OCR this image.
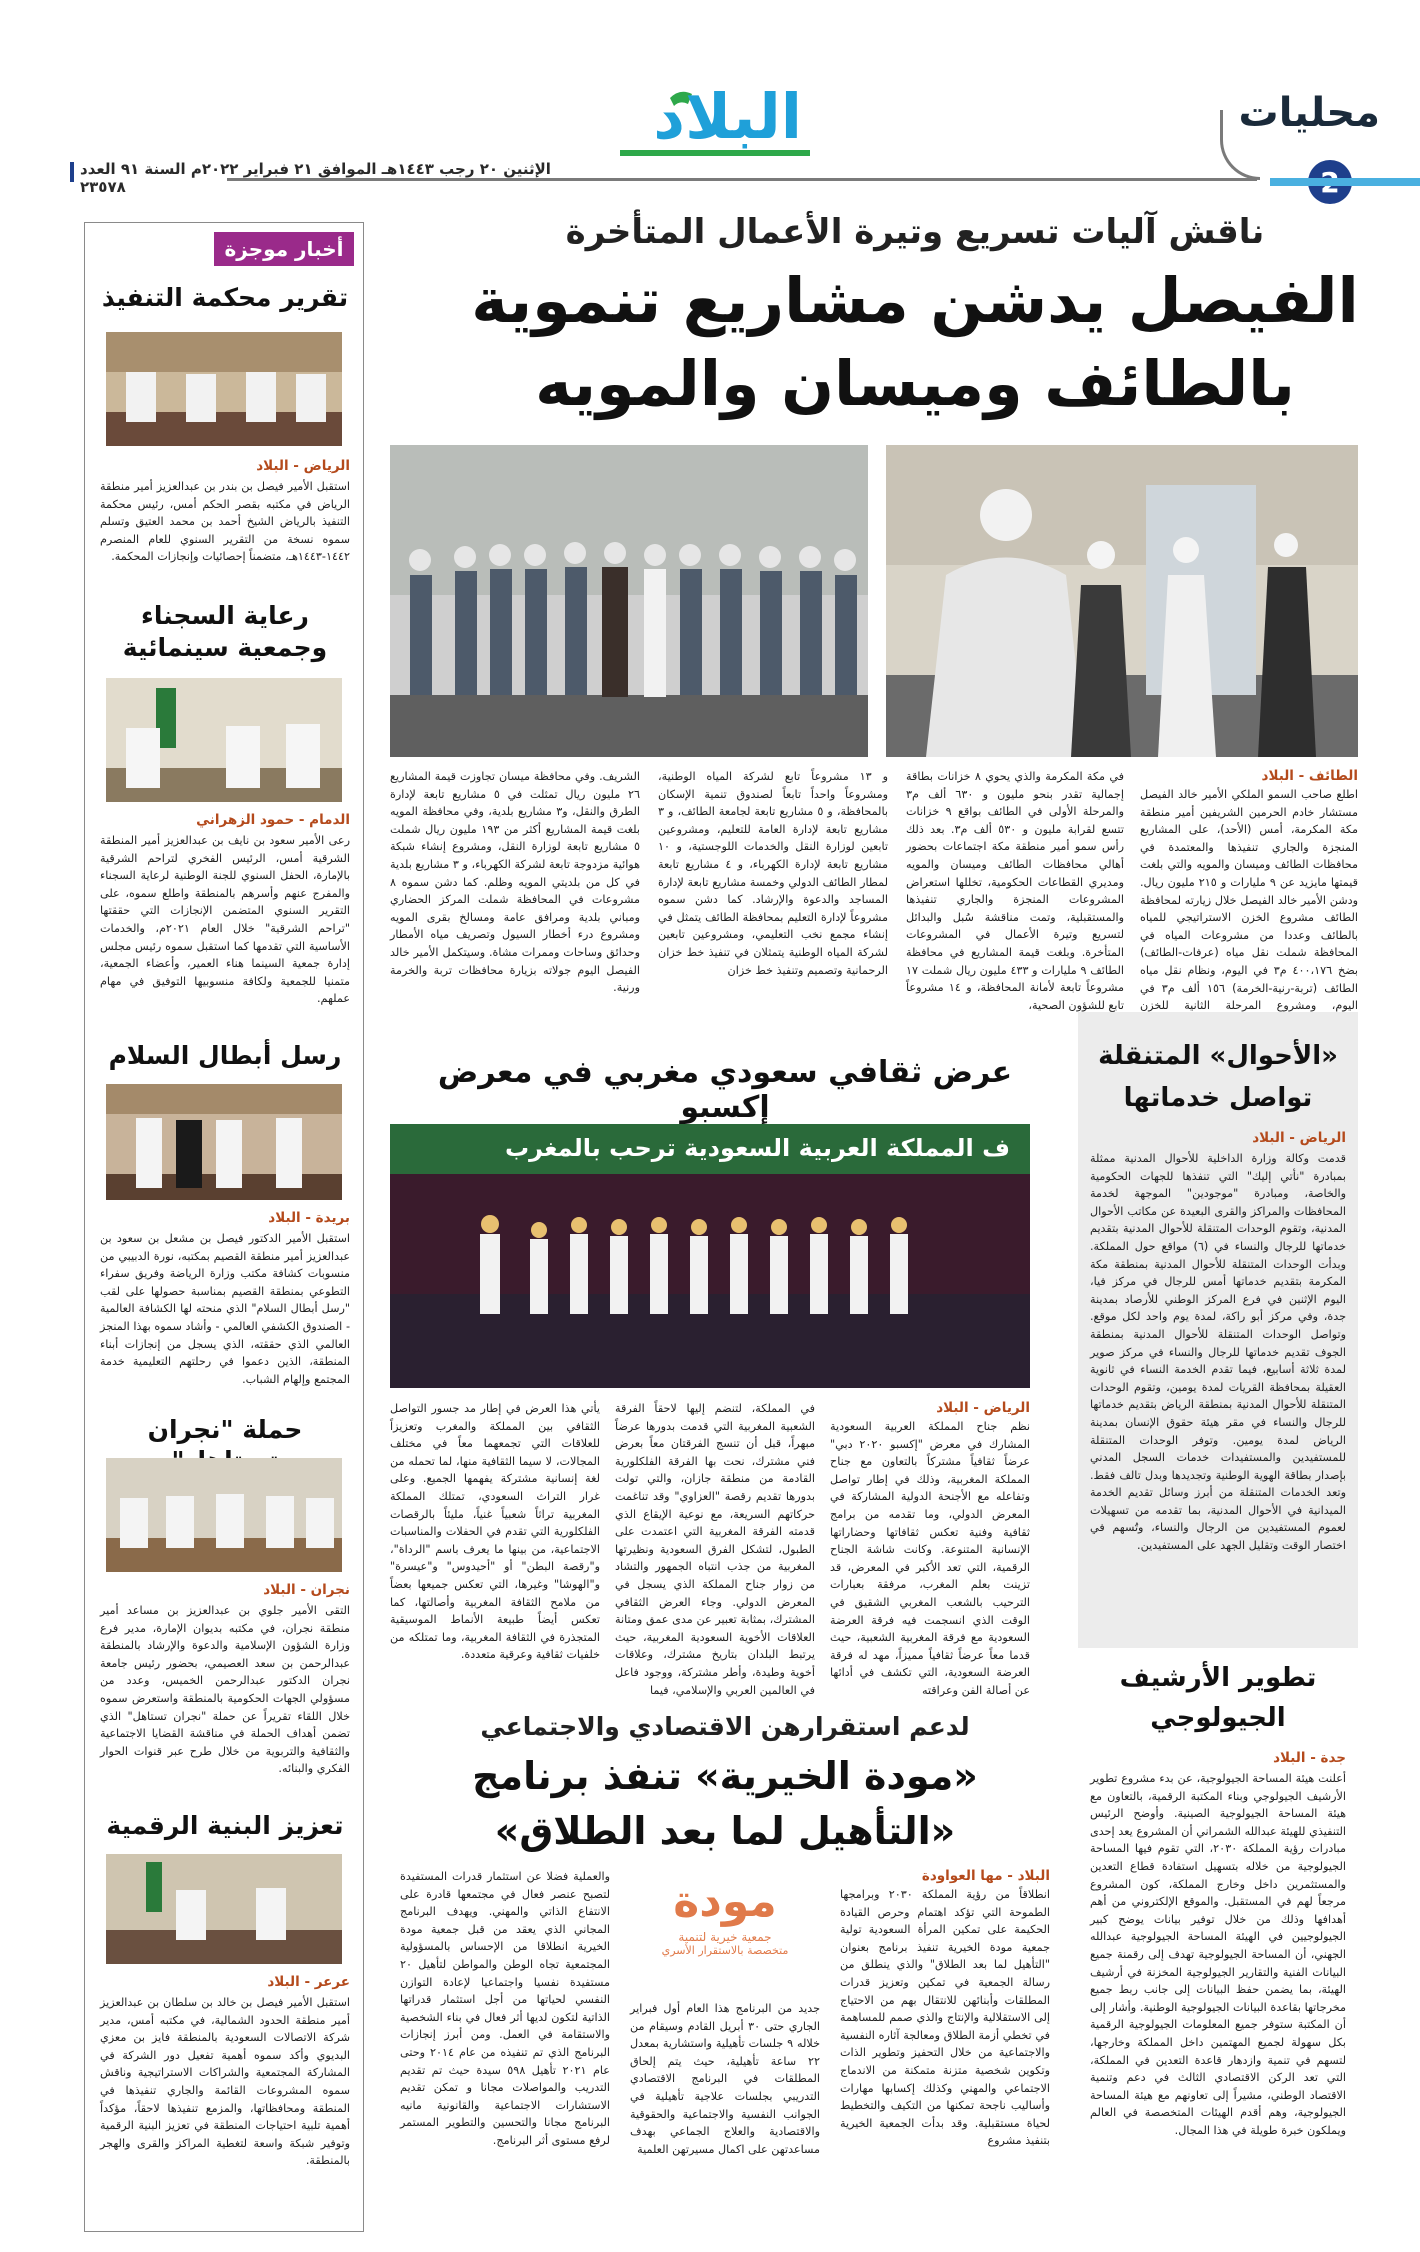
محليات
البلاد
الإثنين ٢٠ رجب ١٤٤٣هـ الموافق ٢١ فبراير ٢٠٢٢م السنة ٩١ العدد ٢٣٥٧٨
ناقش آليات تسريع وتيرة الأعمال المتأخرة
الفيصل يدشن مشاريع تنموية
بالطائف وميسان والمويه
الطائف - البلاد
اطلع صاحب السمو الملكي الأمير خالد الفيصل مستشار خادم الحرمين الشريفين أمير منطقة مكة المكرمة، أمس (الأحد)، على المشاريع المنجزة والجاري تنفيذها والمعتمدة في محافظات الطائف وميسان والمويه والتي بلغت قيمتها مايزيد عن ٩ مليارات و ٢١٥ مليون ريال. ودشن الأمير خالد الفيصل خلال زيارته لمحافظة الطائف مشروع الخزن الاستراتيجي للمياه بالطائف وعددا من مشروعات المياه في المحافظة شملت نقل مياه (عرفات-الطائف) بضخ ٤٠٠،١٧٦ م٣ في اليوم، ونظام نقل مياه الطائف (تربة-رنية-الخرمة) ١٥٦ ألف م٣ في اليوم، ومشروع المرحلة الثانية للخزن
في مكة المكرمة والذي يحوي ٨ خزانات بطاقة إجمالية تقدر بنحو مليون و ٦٣٠ ألف م٣ والمرحلة الأولى في الطائف بواقع ٩ خزانات تتسع لقرابة مليون و ٥٣٠ ألف م٣. بعد ذلك رأس سمو أمير منطقة مكة اجتماعات بحضور أهالي محافظات الطائف وميسان والمويه ومديري القطاعات الحكومية، تخللها استعراض المشروعات المنجزة والجاري تنفيذها والمستقبلية، وتمت مناقشة سُبل والبدائل لتسريع وتيرة الأعمال في المشروعات المتأخرة. وبلغت قيمة المشاريع في محافظة الطائف ٩ مليارات و ٤٣٣ مليون ريال شملت ١٧ مشروعاً تابعة لأمانة المحافظة، و ١٤ مشروعاً تابع للشؤون الصحية،
و ١٣ مشروعاً تابع لشركة المياه الوطنية، ومشروعاً واحداً تابعاً لصندوق تنمية الإسكان بالمحافظة، و ٥ مشاريع تابعة لجامعة الطائف، و ٣ مشاريع تابعة لإدارة العامة للتعليم، ومشروعين تابعين لوزارة النقل والخدمات اللوجستية، و ١٠ مشاريع تابعة لإدارة الكهرباء، و ٤ مشاريع تابعة لمطار الطائف الدولي وخمسة مشاريع تابعة لإدارة المساجد والدعوة والإرشاد. كما دشن سموه مشروعاً لإدارة التعليم بمحافظة الطائف يتمثل في إنشاء مجمع نخب التعليمي، ومشروعين تابعين لشركة المياه الوطنية يتمثلان في تنفيذ خط خزان الرحمانية وتصميم وتنفيذ خط خزان
الشريف. وفي محافظة ميسان تجاوزت قيمة المشاريع ٢٦ مليون ريال تمثلت في ٥ مشاريع تابعة لإدارة الطرق والنقل، و٣ مشاريع بلدية، وفي محافظة المويه بلغت قيمة المشاريع أكثر من ١٩٣ مليون ريال شملت ٥ مشاريع تابعة لوزارة النقل، ومشروع إنشاء شبكة هوائية مزدوجة تابعة لشركة الكهرباء، و ٣ مشاريع بلدية في كل من بلديتي المويه وظلم. كما دشن سموه ٨ مشروعات في المحافظة شملت المركز الحضاري ومباني بلدية ومرافق عامة ومسالخ بقرى المويه ومشروع درء أخطار السيول وتصريف مياه الأمطار وحدائق وساحات وممرات مشاة. وسيتكمل الأمير خالد الفيصل اليوم جولاته بزيارة محافظات تربة والخرمة ورنية.
«الأحوال» المتنقلة
تواصل خدماتها
الرياض - البلاد
قدمت وكالة وزارة الداخلية للأحوال المدنية ممثلة بمبادرة "نأتي إليك" التي تنفذها للجهات الحكومية والخاصة، ومبادرة "موجودين" الموجهة لخدمة المحافظات والمراكز والقرى البعيدة عن مكاتب الأحوال المدنية، وتقوم الوحدات المتنقلة للأحوال المدنية بتقديم خدماتها للرجال والنساء في (٦) مواقع حول المملكة. وبدأت الوحدات المتنقلة للأحوال المدنية بمنطقة مكة المكرمة بتقديم خدماتها أمس للرجال في مركز فيا، اليوم الإثنين في فرع المركز الوطني للأرصاد بمدينة جدة، وفي مركز أبو راكة، لمدة يوم واحد لكل موقع. وتواصل الوحدات المتنقلة للأحوال المدنية بمنطقة الجوف تقديم خدماتها للرجال والنساء في مركز صوير لمدة ثلاثة أسابيع، فيما تقدم الخدمة النساء في ثانوية العقيلة بمحافظة القريات لمدة يومين، وتقوم الوحدات المتنقلة للأحوال المدنية بمنطقة الرياض بتقديم خدماتها للرجال والنساء في مقر هيئة حقوق الإنسان بمدينة الرياض لمدة يومين. وتوفر الوحدات المتنقلة للمستفيدين والمستفيدات خدمات السجل المدني بإصدار بطاقة الهوية الوطنية وتجديدها وبدل تالف فقط. وتعد الخدمات المتنقلة من أبرز وسائل تقديم الخدمة الميدانية في الأحوال المدنية، بما تقدمه من تسهيلات لعموم المستفيدين من الرجال والنساء، وتُسهم في اختصار الوقت وتقليل الجهد على المستفيدين.
تطوير الأرشيف
الجيولوجي
جدة - البلاد
أعلنت هيئة المساحة الجيولوجية، عن بدء مشروع تطوير الأرشيف الجيولوجي وبناء المكتبة الرقمية، بالتعاون مع هيئة المساحة الجيولوجية الصينية. وأوضح الرئيس التنفيذي للهيئة عبدالله الشمراني أن المشروع يعد إحدى مبادرات رؤية المملكة ٢٠٣٠، التي تقوم فيها المساحة الجيولوجية من خلاله بتسهيل استفادة قطاع التعدين والمستثمرين داخل وخارج المملكة، كون المشروع مرجعاً لهم في المستقبل. والموقع الإلكتروني من أهم أهدافها وذلك من خلال توفير بيانات يوضح كبير الجيولوجيين في الهيئة المساحة الجيولوجية عبدالله الجهني، أن المساحة الجيولوجية تهدف إلى رقمنة جميع البيانات الفنية والتقارير الجيولوجية المخزنة في أرشيف الهيئة، بما يضمن حفظ البيانات إلى جانب ربط جميع مخرجاتها بقاعدة البيانات الجيولوجية الوطنية. وأشار إلى أن المكتبة ستوفر جميع المعلومات الجيولوجية الرقمية بكل سهولة لجميع المهتمين داخل المملكة وخارجها، لتسهم في تنمية وازدهار قاعدة التعدين في المملكة، التي تعد الركن الاقتصادي الثالث في دعم وتنمية الاقتصاد الوطني، مشيراً إلى تعاونهم مع هيئة المساحة الجيولوجية، وهم أقدم الهيئات المتخصصة في العالم ويملكون خبرة طويلة في هذا المجال.
عرض ثقافي سعودي مغربي في معرض إكسبو
ف المملكة العربية السعودية ترحب بالمغرب
الرياض - البلاد
نظم جناح المملكة العربية السعودية المشارك في معرض "إكسبو ٢٠٢٠ دبي" عرضاً ثقافياً مشتركاً بالتعاون مع جناح المملكة المغربية، وذلك في إطار تواصل وتفاعله مع الأجنحة الدولية المشاركة في المعرض الدولي، وما تقدمه من برامج ثقافية وفنية تعكس ثقافاتها وحضاراتها الإنسانية المتنوعة. وكانت شاشة الجناح الرقمية، التي تعد الأكبر في المعرض، قد تزينت بعلم المغرب، مرفقة بعبارات الترحيب بالشعب المغربي الشقيق في الوقت الذي انسجمت فيه فرقة العرضة السعودية مع فرقة المغربية الشعبية، حيث قدما معاً عرضاً ثقافياً مميزاً، مهد له فرقة العرضة السعودية، التي تكشف في أدائها عن أصالة الفن وعراقته
في المملكة، لتنضم إليها لاحقاً الفرقة الشعبية المغربية التي قدمت بدورها عرضاً مبهراً، قبل أن تنسج الفرقتان معاً بعرض فني مشترك، نحت بها الفرقة الفلكلورية القادمة من منطقة جازان، والتي تولت بدورها تقديم رقصة "العزاوي" وقد تناغمت حركاتهم السريعة، مع نوعية الإيقاع الذي قدمته الفرقة المغربية التي اعتمدت على الطبول، لتشكل الفرق السعودية ونظيرتها المغربية من جذب انتباه الجمهور والتشاد من زوار جناح المملكة الذي يسجل في المعرض الدولي. وجاء العرض الثقافي المشترك، بمثابة تعبير عن مدى عمق ومتانة العلاقات الأخوية السعودية المغربية، حيث يرتبط البلدان بتاريخ مشترك، وعلاقات أخوية وطيدة، وأطر مشتركة، ووجود فاعل في العالمين العربي والإسلامي، فيما
يأتي هذا العرض في إطار مد جسور التواصل الثقافي بين المملكة والمغرب وتعزيزاً للعلاقات التي تجمعهما معاً في مختلف المجالات، لا سيما الثقافية منها، لما تحمله من لغة إنسانية مشتركة يفهمها الجميع. وعلى غرار التراث السعودي، تمتلك المملكة المغربية تراثاً شعبياً غنياً، مليئاً بالرقصات الفلكلورية التي تقدم في الحفلات والمناسبات الاجتماعية، من بينها ما يعرف باسم "الرداة"، و"رقصة البطن" أو "أحيدوس" و"عيسرة" و"الهوشا" وغيرها، التي تعكس جميعها بعضاً من ملامح الثقافة المغربية وأصالتها، كما تعكس أيضاً طبيعة الأنماط الموسيقية المتجذرة في الثقافة المغربية، وما تمتلكه من خلفيات ثقافية وعرقية متعددة.
لدعم استقرارهن الاقتصادي والاجتماعي
«مودة الخيرية» تنفذ برنامج
«التأهيل لما بعد الطلاق»
البلاد - مها العواودة
انطلاقاً من رؤية المملكة ٢٠٣٠ وبرامجها الطموحة التي تؤكد اهتمام وحرص القيادة الحكيمة على تمكين المرأة السعودية تولية جمعية مودة الخيرية تنفيذ برنامج بعنوان "التأهيل لما بعد الطلاق" والذي ينطلق من رسالة الجمعية في تمكين وتعزيز قدرات المطلقات وأبنائهن للانتقال بهم من الاحتياج إلى الاستقلالية والإنتاج والذي صمم للمساهمة في تخطي أزمة الطلاق ومعالجة آثاره النفسية والاجتماعية من خلال التحفيز وتطوير الذات وتكوين شخصية متزنة متمكنة من الاندماج الاجتماعي والمهني وكذلك إكسابها مهارات وأساليب ناجحة تمكنها من التكيف والتخطيط لحياة مستقبلية. وقد بدأت الجمعية الخيرية بتنفيذ مشروع
مودة
جمعية خيرية لتنمية
متخصصة بالاستقرار الأسري
جديد من البرنامج هذا العام أول فبراير الجاري حتى ٣٠ أبريل القادم وسيقام من خلاله ٩ جلسات تأهيلية واستشارية بمعدل ٢٢ ساعة تأهيلية، حيث يتم إلحاق المطلقات في البرنامج الاقتصادي التدريبي بجلسات علاجية تأهيلية في الجوانب النفسية والاجتماعية والحقوقية والاقتصادية والعلاج الجماعي بهدف مساعدتهن على اكمال مسيرتهن العلمية
والعملية فضلا عن استثمار قدرات المستفيدة لتصبح عنصر فعال في مجتمعها قادرة على الانتفاع الذاتي والمهني. ويهدف البرنامج المجاني الذي يعقد من قبل جمعية مودة الخيرية انطلاقا من الإحساس بالمسؤولية المجتمعية تجاه الوطن والمواطن لتأهيل ٢٠ مستفيدة نفسيا واجتماعيا لإعادة التوازن النفسي لحياتها من أجل استثمار قدراتها الذاتية لتكون لديها أثر فعال في بناء الشخصية والاستقامة في العمل. ومن أبرز إنجازات البرنامج الذي تم تنفيذه من عام ٢٠١٤ وحتى عام ٢٠٢١ تأهيل ٥٩٨ سيدة حيث تم تقديم التدريب والمواصلات مجانا و تمكن تقديم الاستشارات الاجتماعية والقانونية مانيه البرنامج مجانا والتحسين والتطوير المستمر لرفع مستوى أثر البرنامج.
أخبار موجزة
تقرير محكمة التنفيذ
الرياض - البلاد
استقبل الأمير فيصل بن بندر بن عبدالعزيز أمير منطقة الرياض في مكتبه بقصر الحكم أمس، رئيس محكمة التنفيذ بالرياض الشيخ أحمد بن محمد العتيق وتسلم سموه نسخة من التقرير السنوي للعام المنصرم ١٤٤٢-١٤٤٣هـ، متضمناً إحصائيات وإنجازات المحكمة.
رعاية السجناء
وجمعية سينمائية
الدمام - حمود الزهراني
رعى الأمير سعود بن نايف بن عبدالعزيز أمير المنطقة الشرقية أمس، الرئيس الفخري لتراحم الشرقية بالإمارة، الحفل السنوي للجنة الوطنية لرعاية السجناء والمفرج عنهم وأسرهم بالمنطقة واطلع سموه، على التقرير السنوي المتضمن الإنجازات التي حققتها "تراحم الشرقية" خلال العام ٢٠٢١م، والخدمات الأساسية التي تقدمها كما استقبل سموه رئيس مجلس إدارة جمعية السينما هناء العمير، وأعضاء الجمعية، متمنيا للجمعية ولكافة منسوبيها التوفيق في مهام عملهم.
رسل أبطال السلام
بريدة - البلاد
استقبل الأمير الدكتور فيصل بن مشعل بن سعود بن عبدالعزيز أمير منطقة القصيم بمكتبه، نورة الدبيبي من منسوبات كشافة مكتب وزارة الرياضة وفريق سفراء التطوعي بمنطقة القصيم بمناسبة حصولها على لقب "رسل أبطال السلام" الذي منحته لها الكشافة العالمية - الصندوق الكشفي العالمي - وأشاد سموه بهذا المنجز العالمي الذي حققته، الذي يسجل من إنجازات أبناء المنطقة، الذين دعموا في رحلتهم التعليمية خدمة المجتمع وإلهام الشباب.
حملة "نجران
نجران - البلاد
التقى الأمير جلوي بن عبدالعزيز بن مساعد أمير منطقة نجران، في مكتبه بديوان الإمارة، مدير فرع وزارة الشؤون الإسلامية والدعوة والإرشاد بالمنطقة عبدالرحمن بن سعد العصيمي، بحضور رئيس جامعة نجران الدكتور عبدالرحمن الخميس، وعدد من مسؤولي الجهات الحكومية بالمنطقة واستعرض سموه خلال اللقاء تقريراً عن حملة "نجران تستاهل" الذي تضمن أهداف الحملة في مناقشة القضايا الاجتماعية والثقافية والتربوية من خلال طرح عبر قنوات الحوار الفكري والبنائه.
تعزيز البنية الرقمية
عرعر - البلاد
استقبل الأمير فيصل بن خالد بن سلطان بن عبدالعزيز أمير منطقة الحدود الشمالية، في مكتبه أمس، مدير شركة الاتصالات السعودية بالمنطقة فايز بن معزي البديوي وأكد سموه أهمية تفعيل دور الشركة في المشاركة المجتمعية والشراكات الاستراتيجية وناقش سموه المشروعات القائمة والجاري تنفيذها في المنطقة ومحافظاتها، والمزمع تنفيذها لاحقاً، مؤكداً أهمية تلبية احتياجات المنطقة في تعزيز البنية الرقمية وتوفير شبكة واسعة لتغطية المراكز والقرى والهجر بالمنطقة.
